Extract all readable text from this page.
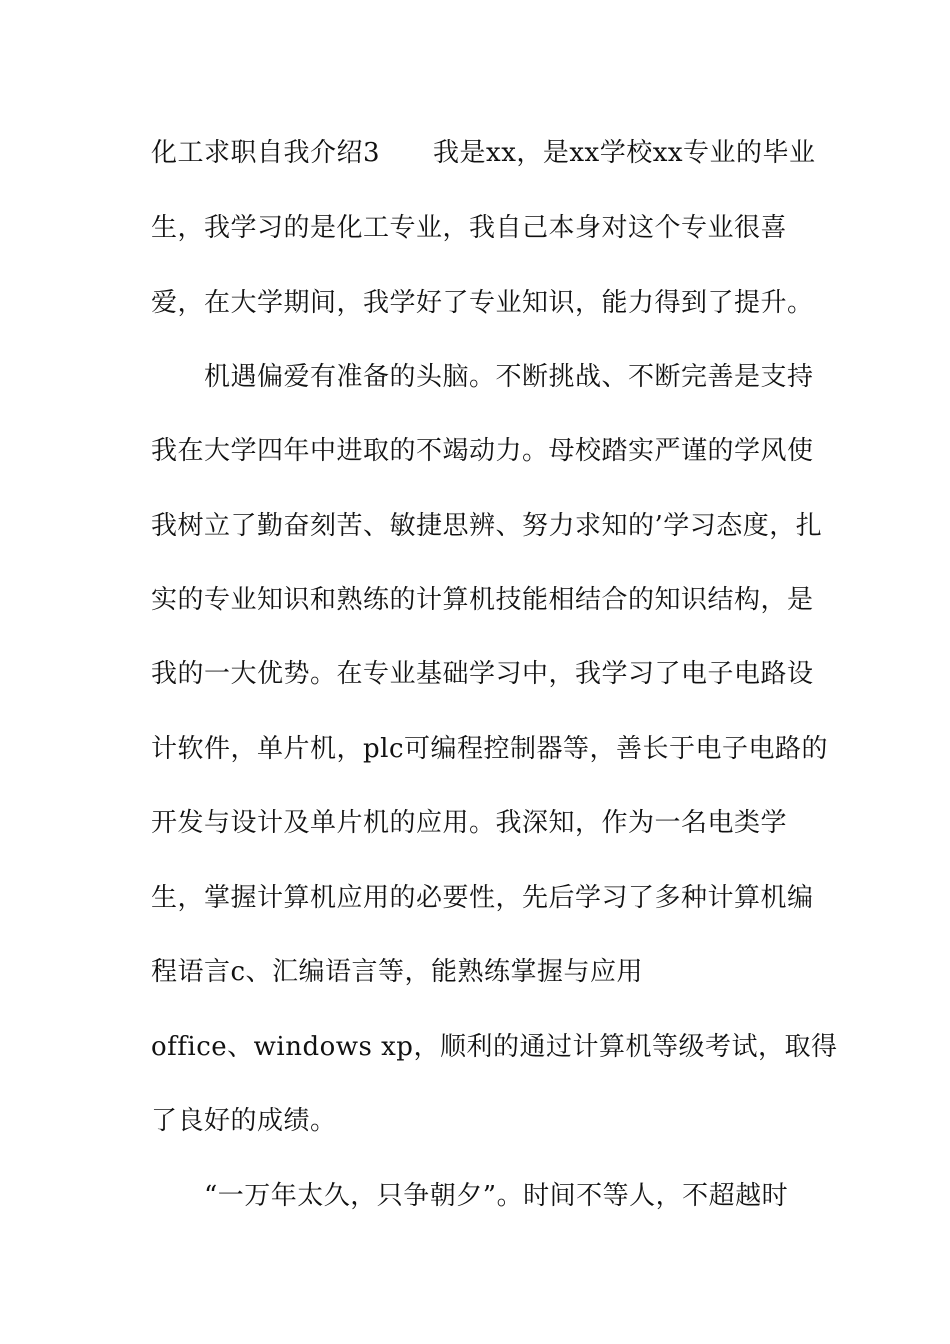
化工求职自我介绍3　　我是xx，是xx学校xx专业的毕业
生，我学习的是化工专业，我自己本身对这个专业很喜
爱，在大学期间，我学好了专业知识，能力得到了提升。
　　机遇偏爱有准备的头脑。不断挑战、不断完善是支持
我在大学四年中进取的不竭动力。母校踏实严谨的学风使
我树立了勤奋刻苦、敏捷思辨、努力求知的’学习态度，扎
实的专业知识和熟练的计算机技能相结合的知识结构，是
我的一大优势。在专业基础学习中，我学习了电子电路设
计软件，单片机，plc可编程控制器等，善长于电子电路的
开发与设计及单片机的应用。我深知，作为一名电类学
生，掌握计算机应用的必要性，先后学习了多种计算机编
程语言c、汇编语言等，能熟练掌握与应用
office、windows xp，顺利的通过计算机等级考试，取得
了良好的成绩。
　　“一万年太久，只争朝夕”。时间不等人，不超越时
